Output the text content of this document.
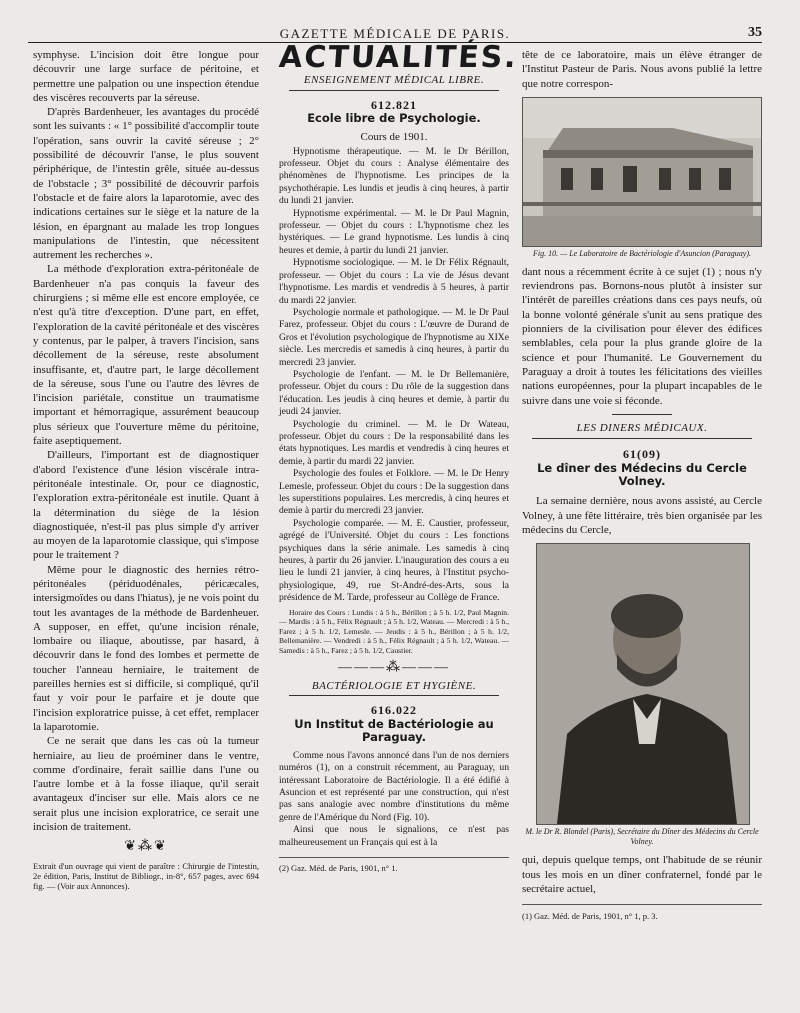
GAZETTE MÉDICALE DE PARIS.	35

symphyse. L'incision doit être longue pour découvrir une large surface de péritoine, et permettre une palpation ou une inspection étendue des viscères recouverts par la séreuse.

D'après Bardenheuer, les avantages du procédé sont les suivants : « 1° possibilité d'accomplir toute l'opération, sans ouvrir la cavité séreuse ; 2° possibilité de découvrir l'anse, le plus souvent périphérique, de l'intestin grêle, située au-dessus de l'obstacle ; 3° possibilité de découvrir parfois l'obstacle et de faire alors la laparotomie, avec des indications certaines sur le siège et la nature de la lésion, en épargnant au malade les trop longues manipulations de l'intestin, que nécessitent autrement les recherches ».

La méthode d'exploration extra-péritonéale de Bardenheuer n'a pas conquis la faveur des chirurgiens ; si même elle est encore employée, ce n'est qu'à titre d'exception. D'une part, en effet, l'exploration de la cavité péritonéale et des viscères y contenus, par le palper, à travers l'incision, sans décollement de la séreuse, reste absolument insuffisante, et, d'autre part, le large décollement de la séreuse, sous l'une ou l'autre des lèvres de l'incision pariétale, constitue un traumatisme important et hémorragique, assurément beaucoup plus sérieux que l'ouverture même du péritoine, faite aseptiquement.

D'ailleurs, l'important est de diagnostiquer d'abord l'existence d'une lésion viscérale intra-péritonéale intestinale. Or, pour ce diagnostic, l'exploration extra-péritonéale est inutile. Quant à la détermination du siège de la lésion diagnostiquée, n'est-il pas plus simple d'y arriver au moyen de la laparotomie classique, qui s'impose pour le traitement ?

Même pour le diagnostic des hernies rétro-péritonéales (périduodénales, péricæcales, intersigmoïdes ou dans l'hiatus), je ne vois point du tout les avantages de la méthode de Bardenheuer. A supposer, en effet, qu'une incision rénale, lombaire ou iliaque, aboutisse, par hasard, à découvrir dans le fond des lombes et permette de toucher l'anneau herniaire, le traitement de pareilles hernies est si difficile, si compliqué, qu'il faut y voir pour le parfaire et je doute que l'incision exploratrice puisse, à cet effet, remplacer la laparotomie.

Ce ne serait que dans les cas où la tumeur herniaire, au lieu de proéminer dans le ventre, comme d'ordinaire, ferait saillie dans l'une ou l'autre lombe et à la fosse iliaque, qu'il serait avantageux d'inciser sur elle. Mais alors ce ne serait plus une incision exploratrice, ce serait une incision de traitement.

❦⁂❦

Extrait d'un ouvrage qui vient de paraître : Chirurgie de l'intestin, 2e édition, Paris, Institut de Bibliogr., in-8°, 657 pages, avec 694 fig. — (Voir aux Annonces).

ACTUALITÉS.
ENSEIGNEMENT MÉDICAL LIBRE.
612.821
Ecole libre de Psychologie.
Cours de 1901.

Hypnotisme thérapeutique. — M. le Dr Bérillon, professeur. Objet du cours : Analyse élémentaire des phénomènes de l'hypnotisme. Les principes de la psychothérapie. Les lundis et jeudis à cinq heures, à partir du lundi 21 janvier.

Hypnotisme expérimental. — M. le Dr Paul Magnin, professeur. — Objet du cours : L'hypnotisme chez les hystériques. — Le grand hypnotisme. Les lundis à cinq heures et demie, à partir du lundi 21 janvier.

Hypnotisme sociologique. — M. le Dr Félix Régnault, professeur. — Objet du cours : La vie de Jésus devant l'hypnotisme. Les mardis et vendredis à 5 heures, à partir du mardi 22 janvier.

Psychologie normale et pathologique. — M. le Dr Paul Farez, professeur. Objet du cours : L'œuvre de Durand de Gros et l'évolution psychologique de l'hypnotisme au XIXe siècle. Les mercredis et samedis à cinq heures, à partir du mercredi 23 janvier.

Psychologie de l'enfant. — M. le Dr Bellemanière, professeur. Objet du cours : Du rôle de la suggestion dans l'éducation. Les jeudis à cinq heures et demie, à partir du jeudi 24 janvier.

Psychologie du criminel. — M. le Dr Wateau, professeur. Objet du cours : De la responsabilité dans les états hypnotiques. Les mardis et vendredis à cinq heures et demie, à partir du mardi 22 janvier.

Psychologie des foules et Folklore. — M. le Dr Henry Lemesle, professeur. Objet du cours : De la suggestion dans les superstitions populaires. Les mercredis, à cinq heures et demie à partir du mercredi 23 janvier.

Psychologie comparée. — M. E. Caustier, professeur, agrégé de l'Université. Objet du cours : Les fonctions psychiques dans la série animale. Les samedis à cinq heures, à partir du 26 janvier. L'inauguration des cours a eu lieu le lundi 21 janvier, à cinq heures, à l'Institut psycho-physiologique, 49, rue St-André-des-Arts, sous la présidence de M. Tarde, professeur au Collège de France.

Horaire des Cours : Lundis : à 5 h., Bérillon ; à 5 h. 1/2, Paul Magnin. — Mardis : à 5 h., Félix Régnault ; à 5 h. 1/2, Wateau. — Mercredi : à 5 h., Farez ; à 5 h. 1/2, Lemesle. — Jeudis : à 5 h., Bérillon ; à 5 h. 1/2, Bellemanière. — Vendredi : à 5 h., Félix Régnault ; à 5 h. 1/2, Wateau. — Samedis : à 5 h., Farez ; à 5 h. 1/2, Caustier.

―――⁂―――
BACTÉRIOLOGIE ET HYGIÈNE.
616.022
Un Institut de Bactériologie au Paraguay.

Comme nous l'avons annoncé dans l'un de nos derniers numéros (1), on a construit récemment, au Paraguay, un intéressant Laboratoire de Bactériologie. Il a été édifié à Asuncion et est représenté par une construction, qui n'est pas sans analogie avec nombre d'institutions du même genre de l'Amérique du Nord (Fig. 10).

Ainsi que nous le signalions, ce n'est pas malheureusement un Français qui est à la

(2) Gaz. Méd. de Paris, 1901, n° 1.

tête de ce laboratoire, mais un élève étranger de l'Institut Pasteur de Paris. Nous avons publié la lettre que notre correspon-

Fig. 10. — Le Laboratoire de Bactériologie d'Asuncion (Paraguay).

dant nous a récemment écrite à ce sujet (1) ; nous n'y reviendrons pas. Bornons-nous plutôt à insister sur l'intérêt de pareilles créations dans ces pays neufs, où la bonne volonté générale s'unit au sens pratique des pionniers de la civilisation pour élever des édifices semblables, cela pour la plus grande gloire de la science et pour l'humanité. Le Gouvernement du Paraguay a droit à toutes les félicitations des vieilles nations européennes, pour la plupart incapables de le suivre dans une voie si féconde.

LES DINERS MÉDICAUX.
61(09)
Le dîner des Médecins du Cercle Volney.

La semaine dernière, nous avons assisté, au Cercle Volney, à une fête littéraire, très bien organisée par les médecins du Cercle,

M. le Dr R. Blondel (Paris), Secrétaire du Dîner des Médecins du Cercle Volney.

qui, depuis quelque temps, ont l'habitude de se réunir tous les mois en un dîner confraternel, fondé par le secrétaire actuel,

(1) Gaz. Méd. de Paris, 1901, n° 1, p. 3.
